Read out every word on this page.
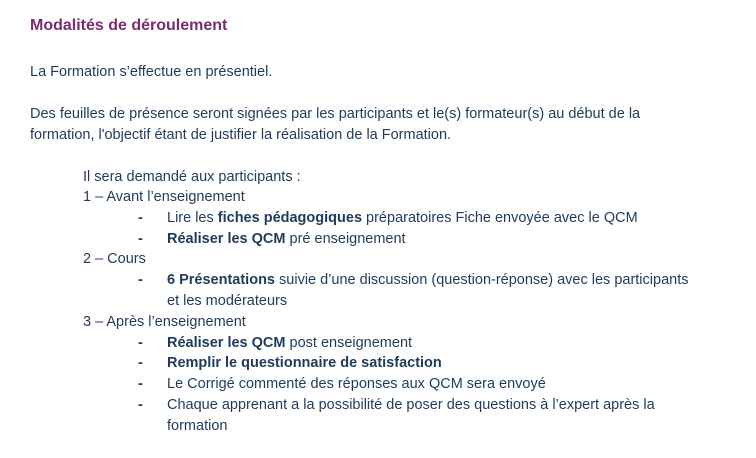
Modalités de déroulement
La Formation s’effectue en présentiel.
Des feuilles de présence seront signées par les participants et le(s) formateur(s) au début de la
formation, l'objectif étant de justifier la réalisation de la Formation.
Il sera demandé aux participants :
1 – Avant l’enseignement
- Lire les fiches pédagogiques préparatoires Fiche envoyée avec le QCM
- Réaliser les QCM pré enseignement
2 – Cours
- 6 Présentations suivie d’une discussion (question-réponse) avec les participants
et les modérateurs
3 – Après l’enseignement
- Réaliser les QCM post enseignement
- Remplir le questionnaire de satisfaction
- Le Corrigé commenté des réponses aux QCM sera envoyé
- Chaque apprenant a la possibilité de poser des questions à l’expert après la
formation
